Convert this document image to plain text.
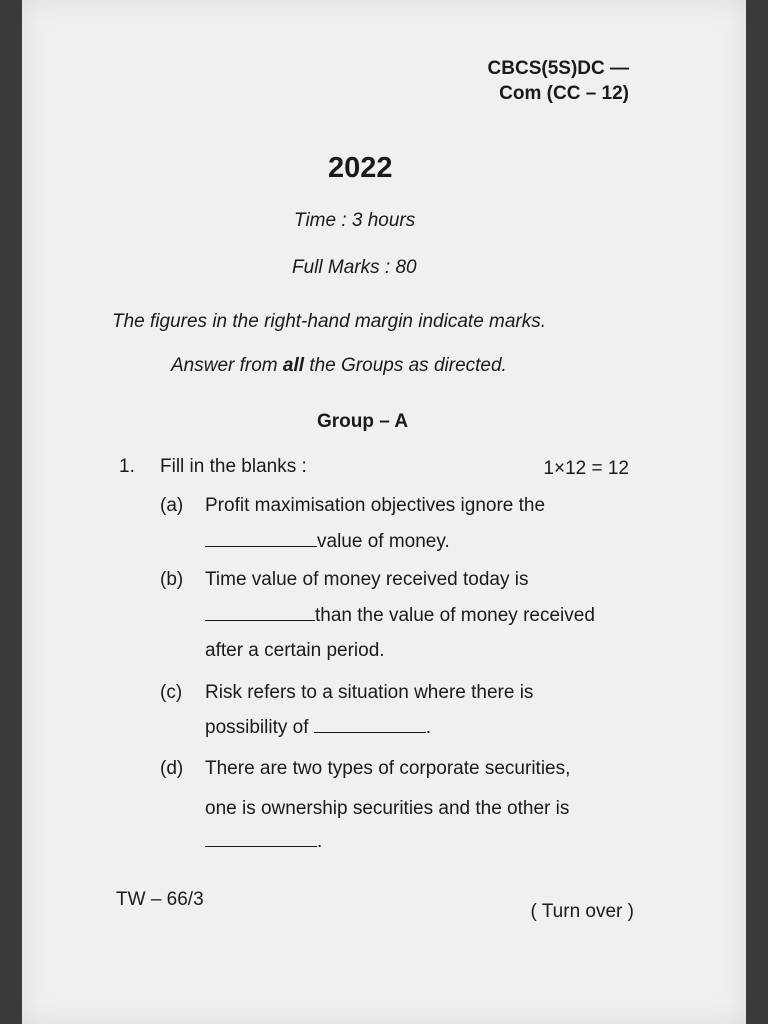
CBCS(5S)DC —
Com (CC – 12)
2022
Time : 3 hours
Full Marks : 80
The figures in the right-hand margin indicate marks.
Answer from all the Groups as directed.
Group – A
1. Fill in the blanks :	1×12 = 12
(a) Profit maximisation objectives ignore the
value of money.
(b) Time value of money received today is
than the value of money received
after a certain period.
(c) Risk refers to a situation where there is
possibility of	.
(d) There are two types of corporate securities,
one is ownership securities and the other is
.
TW – 66/3
( Turn over )
